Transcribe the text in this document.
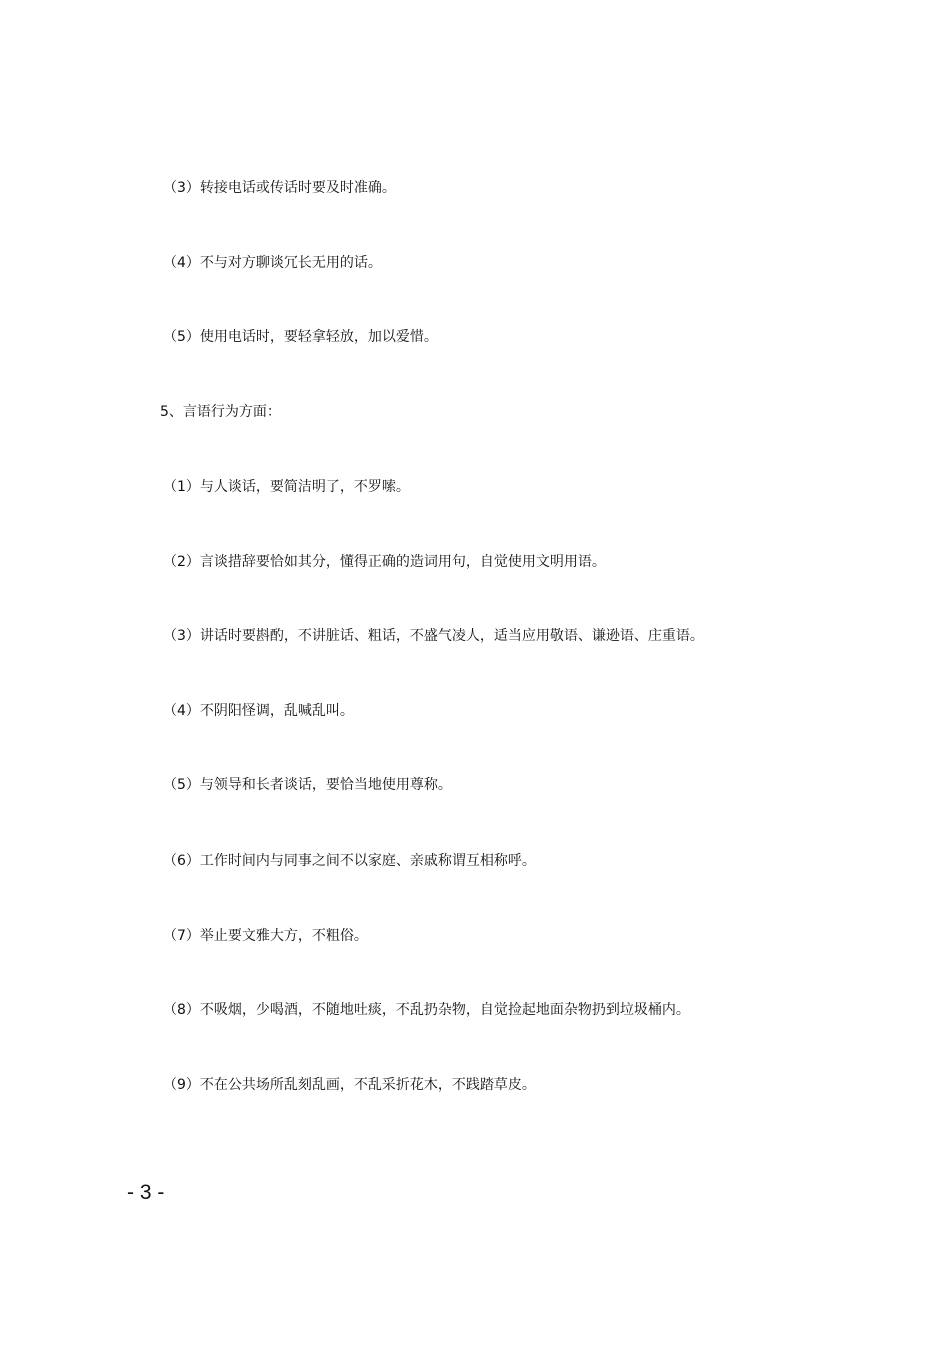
（3）转接电话或传话时要及时准确。
（4）不与对方聊谈冗长无用的话。
（5）使用电话时，要轻拿轻放，加以爱惜。
5、言语行为方面：
（1）与人谈话，要简洁明了，不罗嗦。
（2）言谈措辞要恰如其分，懂得正确的造词用句，自觉使用文明用语。
（3）讲话时要斟酌，不讲脏话、粗话，不盛气凌人，适当应用敬语、谦逊语、庄重语。
（4）不阴阳怪调，乱喊乱叫。
（5）与领导和长者谈话，要恰当地使用尊称。
（6）工作时间内与同事之间不以家庭、亲戚称谓互相称呼。
（7）举止要文雅大方，不粗俗。
（8）不吸烟，少喝酒，不随地吐痰，不乱扔杂物，自觉捡起地面杂物扔到垃圾桶内。
（9）不在公共场所乱刻乱画，不乱采折花木，不践踏草皮。
- 3 -
